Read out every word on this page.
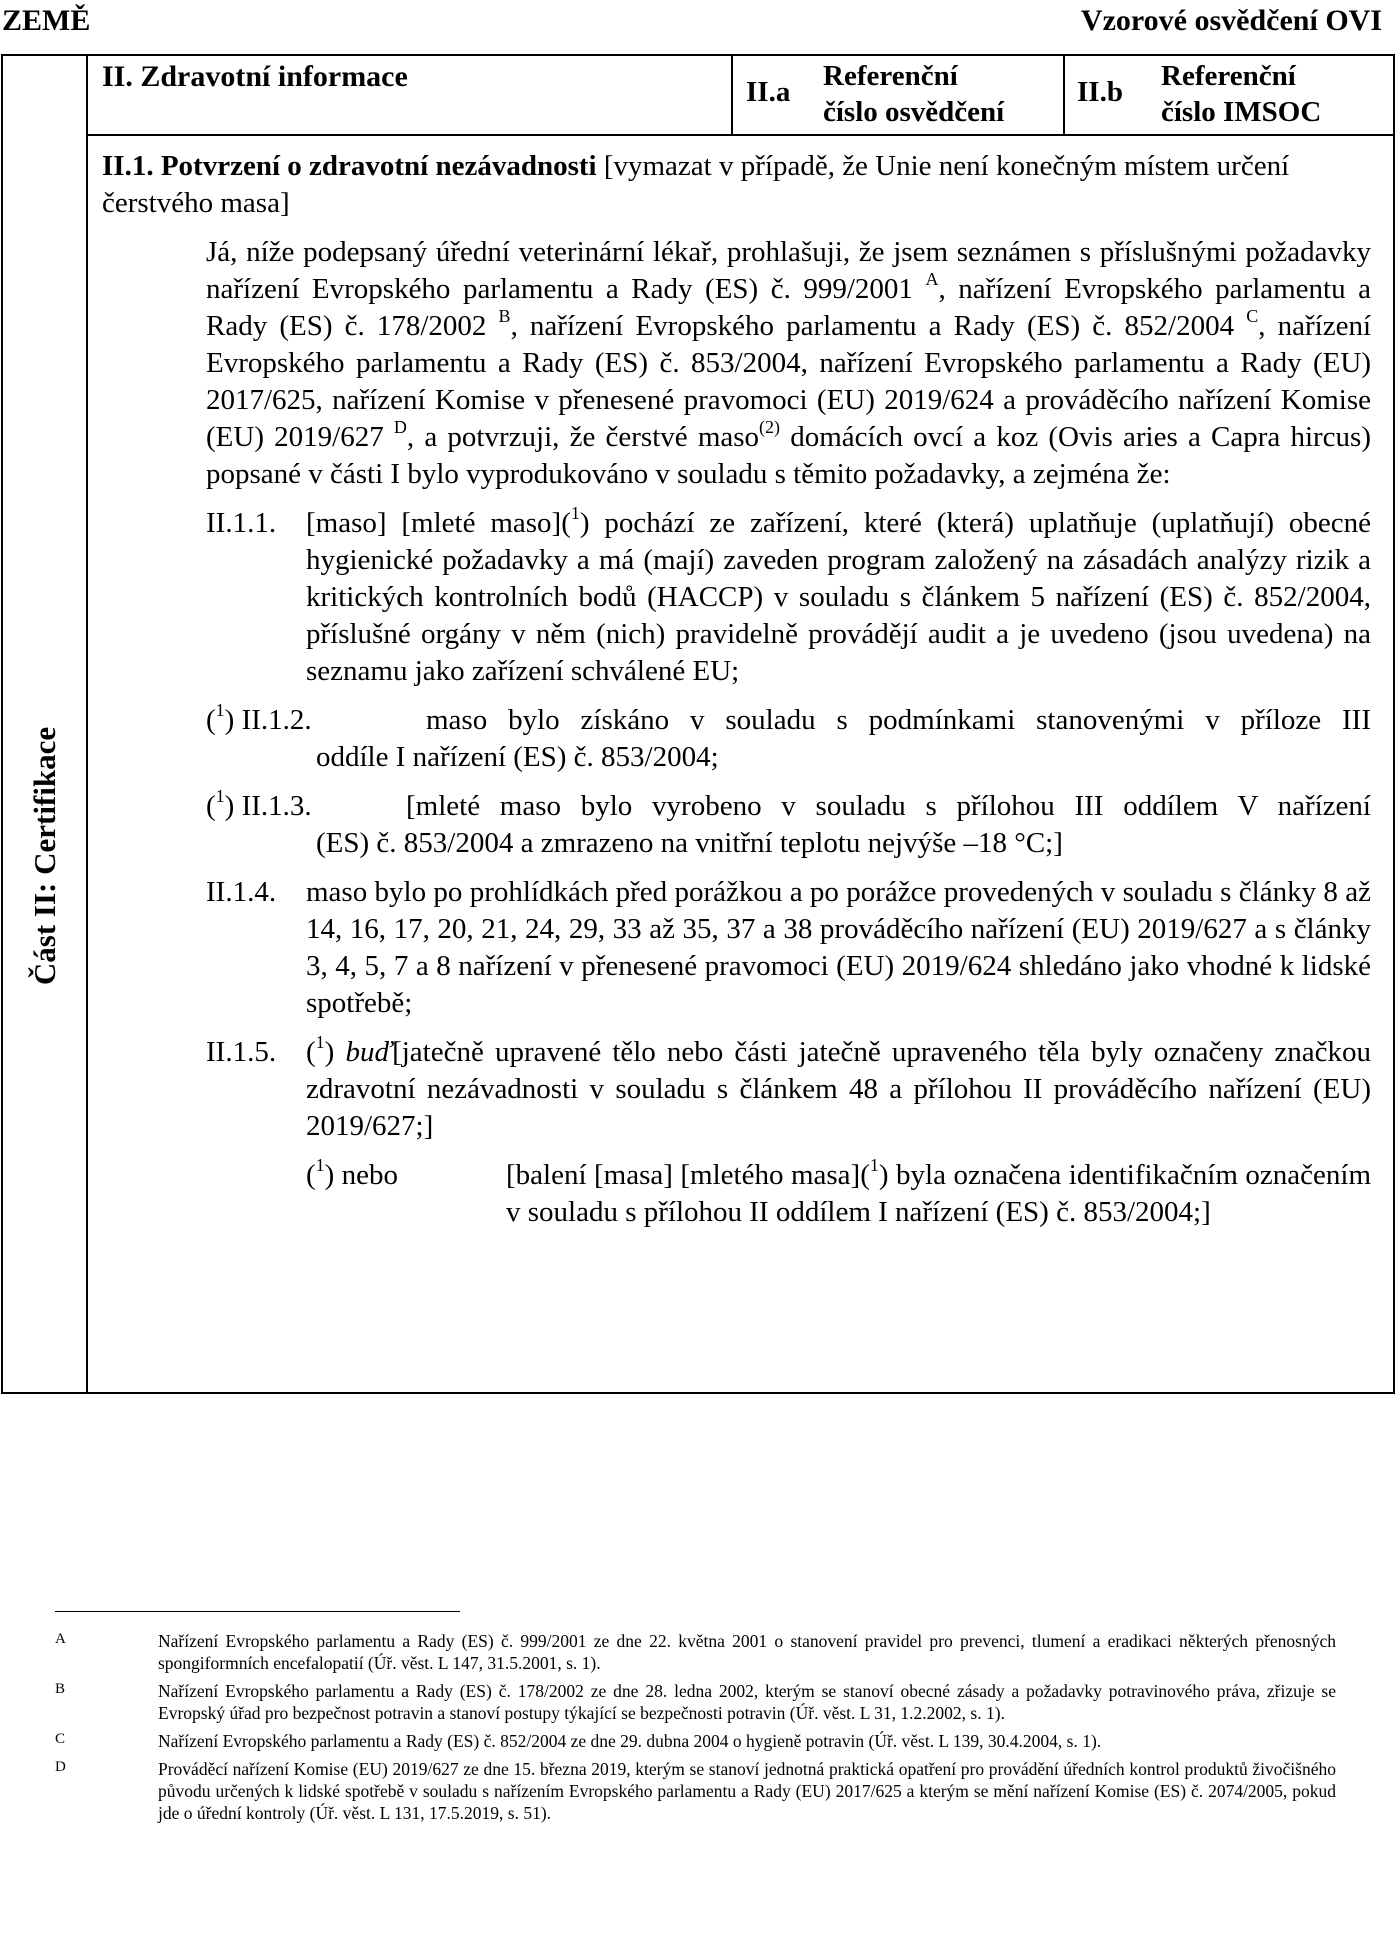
ZEMĚ	Vzorové osvědčení OVI
Část II: Certifikace
II. Zdravotní informace	II.a Referenční
číslo osvědčení
II.b Referenční
číslo IMSOC

II.1. Potvrzení o zdravotní nezávadnosti [vymazat v případě, že Unie není konečným místem určení čerstvého masa]

Já, níže podepsaný úřední veterinární lékař, prohlašuji, že jsem seznámen s příslušnými požadavky nařízení Evropského parlamentu a Rady (ES) č. 999/2001 $^A$, nařízení Evropského parlamentu a Rady (ES) č. 178/2002 $^B$, nařízení Evropského parlamentu a Rady (ES) č. 852/2004 $^C$, nařízení Evropského parlamentu a Rady (ES) č. 853/2004, nařízení Evropského parlamentu a Rady (EU) 2017/625, nařízení Komise v přenesené pravomoci (EU) 2019/624 a prováděcího nařízení Komise (EU) 2019/627 $^D$, a potvrzuji, že čerstvé maso$^{(2)}$ domácích ovcí a koz (Ovis aries a Capra hircus) popsané v části I bylo vyprodukováno v souladu s těmito požadavky, a zejména že:
II.1.1.	[maso] [mleté maso]($^1$) pochází ze zařízení, které (která) uplatňuje (uplatňují) obecné hygienické požadavky a má (mají) zaveden program založený na zásadách analýzy rizik a kritických kontrolních bodů (HACCP) v souladu s článkem 5 nařízení (ES) č. 852/2004, příslušné orgány v něm (nich) pravidelně provádějí audit a je uvedeno (jsou uvedena) na seznamu jako zařízení schválené EU;
($^1$) II.1.2.	maso bylo získáno v souladu s podmínkami stanovenými v příloze III
oddíle I nařízení (ES) č. 853/2004;
($^1$) II.1.3.	[mleté maso bylo vyrobeno v souladu s přílohou III oddílem V nařízení
(ES) č. 853/2004 a zmrazeno na vnitřní teplotu nejvýše –18 °C;]
II.1.4.	maso bylo po prohlídkách před porážkou a po porážce provedených v souladu s články 8 až 14, 16, 17, 20, 21, 24, 29, 33 až 35, 37 a 38 prováděcího nařízení (EU) 2019/627 a s články 3, 4, 5, 7 a 8 nařízení v přenesené pravomoci (EU) 2019/624 shledáno jako vhodné k lidské spotřebě;
II.1.5.	($^1$) buď[jatečně upravené tělo nebo části jatečně upraveného těla byly označeny značkou zdravotní nezávadnosti v souladu s článkem 48 a přílohou II prováděcího nařízení (EU) 2019/627;]
($^1$) nebo	[balení [masa] [mletého masa]($^1$) byla označena identifikačním označením v souladu s přílohou II oddílem I nařízení (ES) č. 853/2004;]
A	Nařízení Evropského parlamentu a Rady (ES) č. 999/2001 ze dne 22. května 2001 o stanovení pravidel pro prevenci, tlumení a eradikaci některých přenosných spongiformních encefalopatií (Úř. věst. L 147, 31.5.2001, s. 1).
B	Nařízení Evropského parlamentu a Rady (ES) č. 178/2002 ze dne 28. ledna 2002, kterým se stanoví obecné zásady a požadavky potravinového práva, zřizuje se Evropský úřad pro bezpečnost potravin a stanoví postupy týkající se bezpečnosti potravin (Úř. věst. L 31, 1.2.2002, s. 1).
C	Nařízení Evropského parlamentu a Rady (ES) č. 852/2004 ze dne 29. dubna 2004 o hygieně potravin (Úř. věst. L 139, 30.4.2004, s. 1).
D	Prováděcí nařízení Komise (EU) 2019/627 ze dne 15. března 2019, kterým se stanoví jednotná praktická opatření pro provádění úředních kontrol produktů živočišného původu určených k lidské spotřebě v souladu s nařízením Evropského parlamentu a Rady (EU) 2017/625 a kterým se mění nařízení Komise (ES) č. 2074/2005, pokud jde o úřední kontroly (Úř. věst. L 131, 17.5.2019, s. 51).
